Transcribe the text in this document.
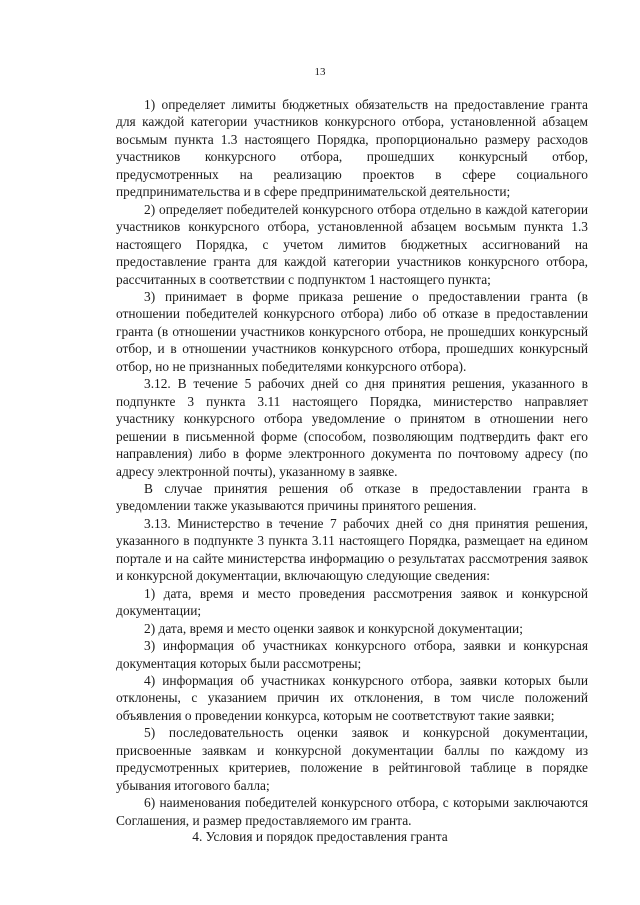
13

1) определяет лимиты бюджетных обязательств на предоставление гранта для каждой категории участников конкурсного отбора, установленной абзацем восьмым пункта 1.3 настоящего Порядка, пропорционально размеру расходов участников конкурсного отбора, прошедших конкурсный отбор, предусмотренных на реализацию проектов в сфере социального предпринимательства и в сфере предпринимательской деятельности;

2) определяет победителей конкурсного отбора отдельно в каждой категории участников конкурсного отбора, установленной абзацем восьмым пункта 1.3 настоящего Порядка, с учетом лимитов бюджетных ассигнований на предоставление гранта для каждой категории участников конкурсного отбора, рассчитанных в соответствии с подпунктом 1 настоящего пункта;

3) принимает в форме приказа решение о предоставлении гранта (в отношении победителей конкурсного отбора) либо об отказе в предоставлении гранта (в отношении участников конкурсного отбора, не прошедших конкурсный отбор, и в отношении участников конкурсного отбора, прошедших конкурсный отбор, но не признанных победителями конкурсного отбора).

3.12. В течение 5 рабочих дней со дня принятия решения, указанного в подпункте 3 пункта 3.11 настоящего Порядка, министерство направляет участнику конкурсного отбора уведомление о принятом в отношении него решении в письменной форме (способом, позволяющим подтвердить факт его направления) либо в форме электронного документа по почтовому адресу (по адресу электронной почты), указанному в заявке.

В случае принятия решения об отказе в предоставлении гранта в уведомлении также указываются причины принятого решения.

3.13. Министерство в течение 7 рабочих дней со дня принятия решения, указанного в подпункте 3 пункта 3.11 настоящего Порядка, размещает на едином портале и на сайте министерства информацию о результатах рассмотрения заявок и конкурсной документации, включающую следующие сведения:

1) дата, время и место проведения рассмотрения заявок и конкурсной документации;

2) дата, время и место оценки заявок и конкурсной документации;

3) информация об участниках конкурсного отбора, заявки и конкурсная документация которых были рассмотрены;

4) информация об участниках конкурсного отбора, заявки которых были отклонены, с указанием причин их отклонения, в том числе положений объявления о проведении конкурса, которым не соответствуют такие заявки;

5) последовательность оценки заявок и конкурсной документации, присвоенные заявкам и конкурсной документации баллы по каждому из предусмотренных критериев, положение в рейтинговой таблице в порядке убывания итогового балла;

6) наименования победителей конкурсного отбора, с которыми заключаются Соглашения, и размер предоставляемого им гранта.

4. Условия и порядок предоставления гранта
